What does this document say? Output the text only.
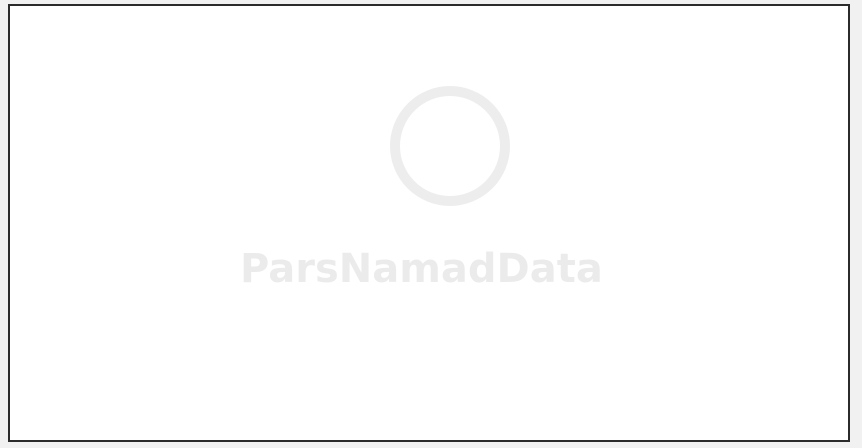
ParsNamadData
